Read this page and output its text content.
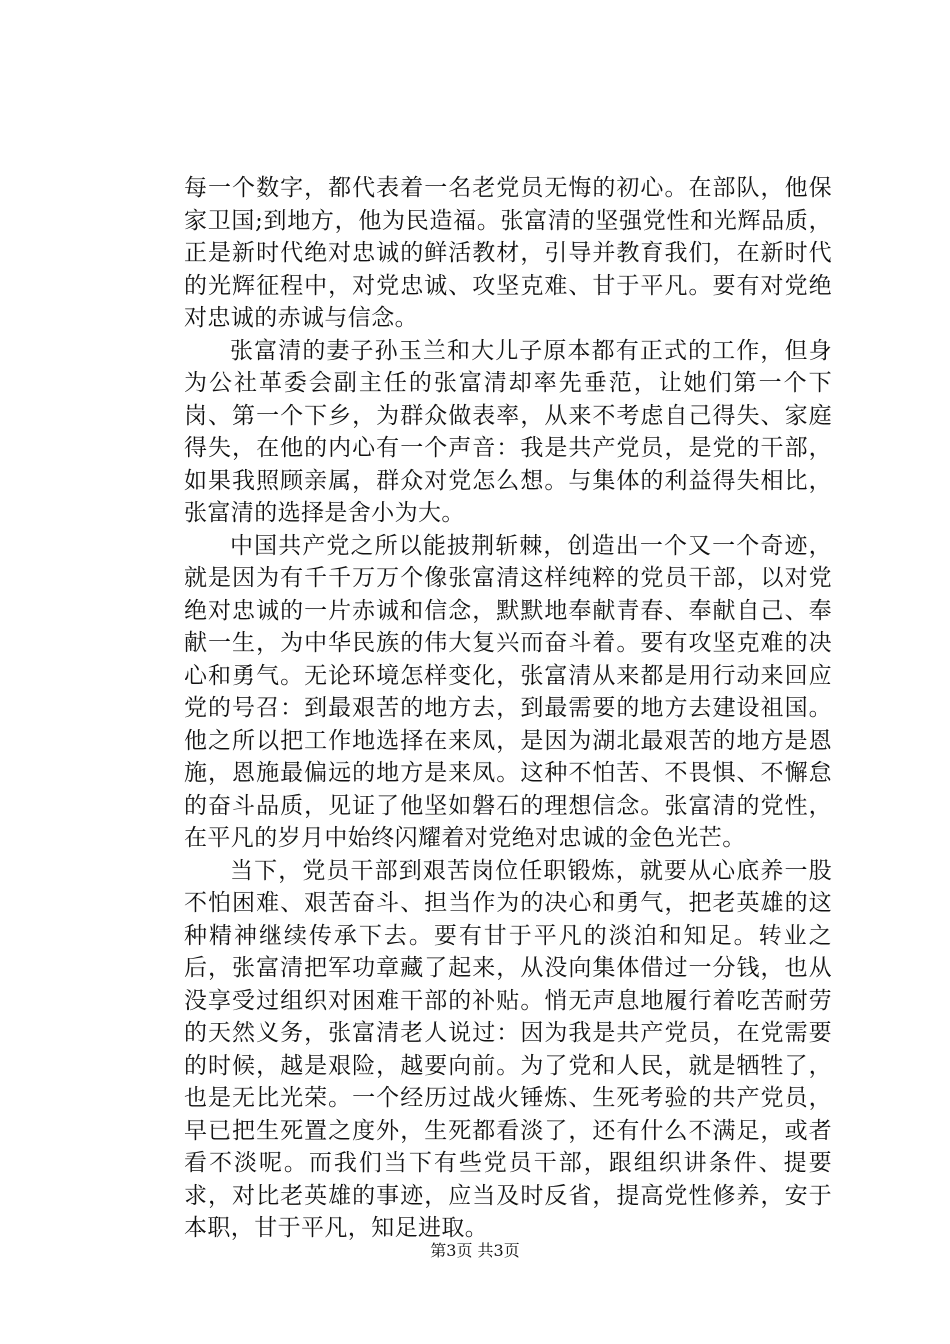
每一个数字，都代表着一名老党员无悔的初心。在部队，他保家卫国;到地方，他为民造福。张富清的坚强党性和光辉品质，正是新时代绝对忠诚的鲜活教材，引导并教育我们，在新时代的光辉征程中，对党忠诚、攻坚克难、甘于平凡。要有对党绝对忠诚的赤诚与信念。

张富清的妻子孙玉兰和大儿子原本都有正式的工作，但身为公社革委会副主任的张富清却率先垂范，让她们第一个下岗、第一个下乡，为群众做表率，从来不考虑自己得失、家庭得失，在他的内心有一个声音：我是共产党员，是党的干部，如果我照顾亲属，群众对党怎么想。与集体的利益得失相比，张富清的选择是舍小为大。

中国共产党之所以能披荆斩棘，创造出一个又一个奇迹，就是因为有千千万万个像张富清这样纯粹的党员干部，以对党绝对忠诚的一片赤诚和信念，默默地奉献青春、奉献自己、奉献一生，为中华民族的伟大复兴而奋斗着。要有攻坚克难的决心和勇气。无论环境怎样变化，张富清从来都是用行动来回应党的号召：到最艰苦的地方去，到最需要的地方去建设祖国。他之所以把工作地选择在来凤，是因为湖北最艰苦的地方是恩施，恩施最偏远的地方是来凤。这种不怕苦、不畏惧、不懈怠的奋斗品质，见证了他坚如磐石的理想信念。张富清的党性，在平凡的岁月中始终闪耀着对党绝对忠诚的金色光芒。

当下，党员干部到艰苦岗位任职锻炼，就要从心底养一股不怕困难、艰苦奋斗、担当作为的决心和勇气，把老英雄的这种精神继续传承下去。要有甘于平凡的淡泊和知足。转业之后，张富清把军功章藏了起来，从没向集体借过一分钱，也从没享受过组织对困难干部的补贴。悄无声息地履行着吃苦耐劳的天然义务，张富清老人说过：因为我是共产党员，在党需要的时候，越是艰险，越要向前。为了党和人民，就是牺牲了，也是无比光荣。一个经历过战火锤炼、生死考验的共产党员，早已把生死置之度外，生死都看淡了，还有什么不满足，或者看不淡呢。而我们当下有些党员干部，跟组织讲条件、提要求，对比老英雄的事迹，应当及时反省，提高党性修养，安于本职，甘于平凡，知足进取。

第3页 共3页
